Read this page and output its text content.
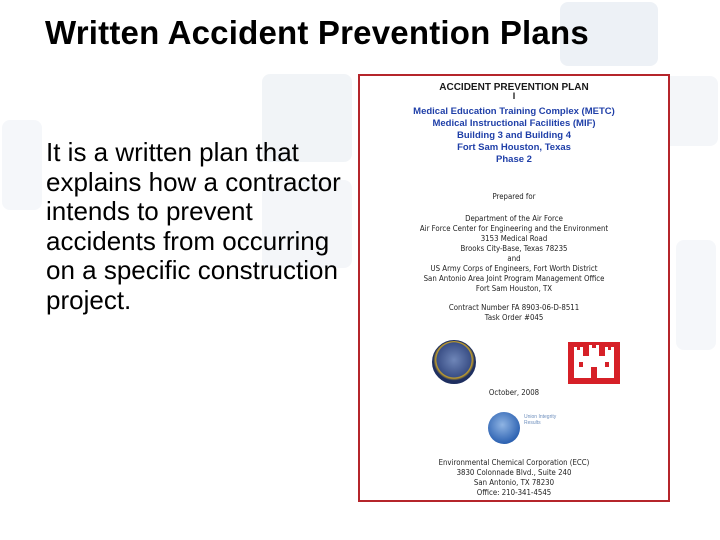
Written Accident Prevention Plans
It is a written plan that explains how a contractor intends to prevent accidents from occurring on a specific construction project.
ACCIDENT PREVENTION PLAN
I
Medical Education Training Complex (METC)
Medical Instructional Facilities (MIF)
Building 3 and Building 4
Fort Sam Houston, Texas
Phase 2
Prepared for
Department of the Air Force
Air Force Center for Engineering and the Environment
3153 Medical Road
Brooks City-Base, Texas 78235
and
US Army Corps of Engineers, Fort Worth District
San Antonio Area Joint Program Management Office
Fort Sam Houston, TX
Contract Number FA 8903-06-D-8511
Task Order #045
October, 2008
Union Integrity Results
Environmental Chemical Corporation (ECC)
3830 Colonnade Blvd., Suite 240
San Antonio, TX 78230
Office: 210-341-4545
